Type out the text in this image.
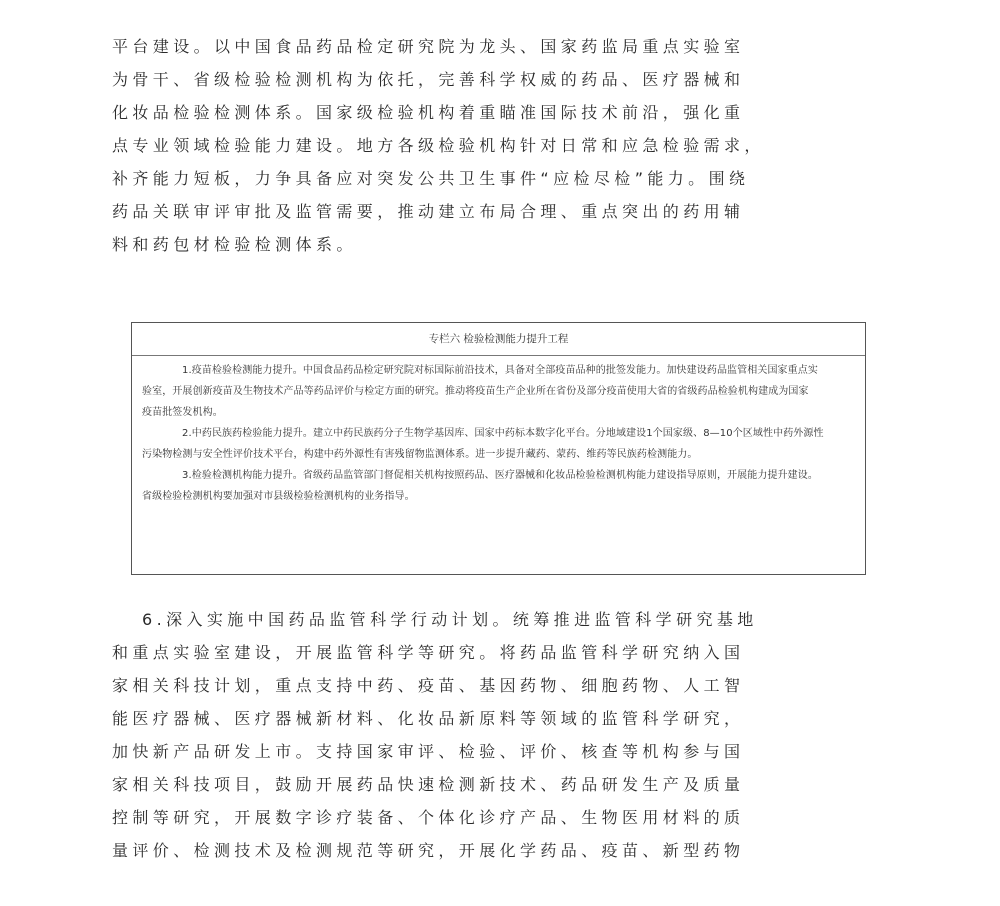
平台建设。以中国食品药品检定研究院为龙头、国家药监局重点实验室
为骨干、省级检验检测机构为依托，完善科学权威的药品、医疗器械和
化妆品检验检测体系。国家级检验机构着重瞄准国际技术前沿，强化重
点专业领域检验能力建设。地方各级检验机构针对日常和应急检验需求，
补齐能力短板，力争具备应对突发公共卫生事件“应检尽检”能力。围绕
药品关联审评审批及监管需要，推动建立布局合理、重点突出的药用辅
料和药包材检验检测体系。
专栏六 检验检测能力提升工程
1.疫苗检验检测能力提升。中国食品药品检定研究院对标国际前沿技术，具备对全部疫苗品种的批签发能力。加快建设药品监管相关国家重点实
验室，开展创新疫苗及生物技术产品等药品评价与检定方面的研究。推动将疫苗生产企业所在省份及部分疫苗使用大省的省级药品检验机构建成为国家
疫苗批签发机构。
2.中药民族药检验能力提升。建立中药民族药分子生物学基因库、国家中药标本数字化平台。分地域建设1个国家级、8—10个区域性中药外源性
污染物检测与安全性评价技术平台，构建中药外源性有害残留物监测体系。进一步提升藏药、蒙药、维药等民族药检测能力。
3.检验检测机构能力提升。省级药品监管部门督促相关机构按照药品、医疗器械和化妆品检验检测机构能力建设指导原则，开展能力提升建设。
省级检验检测机构要加强对市县级检验检测机构的业务指导。
6.深入实施中国药品监管科学行动计划。统筹推进监管科学研究基地
和重点实验室建设，开展监管科学等研究。将药品监管科学研究纳入国
家相关科技计划，重点支持中药、疫苗、基因药物、细胞药物、人工智
能医疗器械、医疗器械新材料、化妆品新原料等领域的监管科学研究，
加快新产品研发上市。支持国家审评、检验、评价、核查等机构参与国
家相关科技项目，鼓励开展药品快速检测新技术、药品研发生产及质量
控制等研究，开展数字诊疗装备、个体化诊疗产品、生物医用材料的质
量评价、检测技术及检测规范等研究，开展化学药品、疫苗、新型药物
